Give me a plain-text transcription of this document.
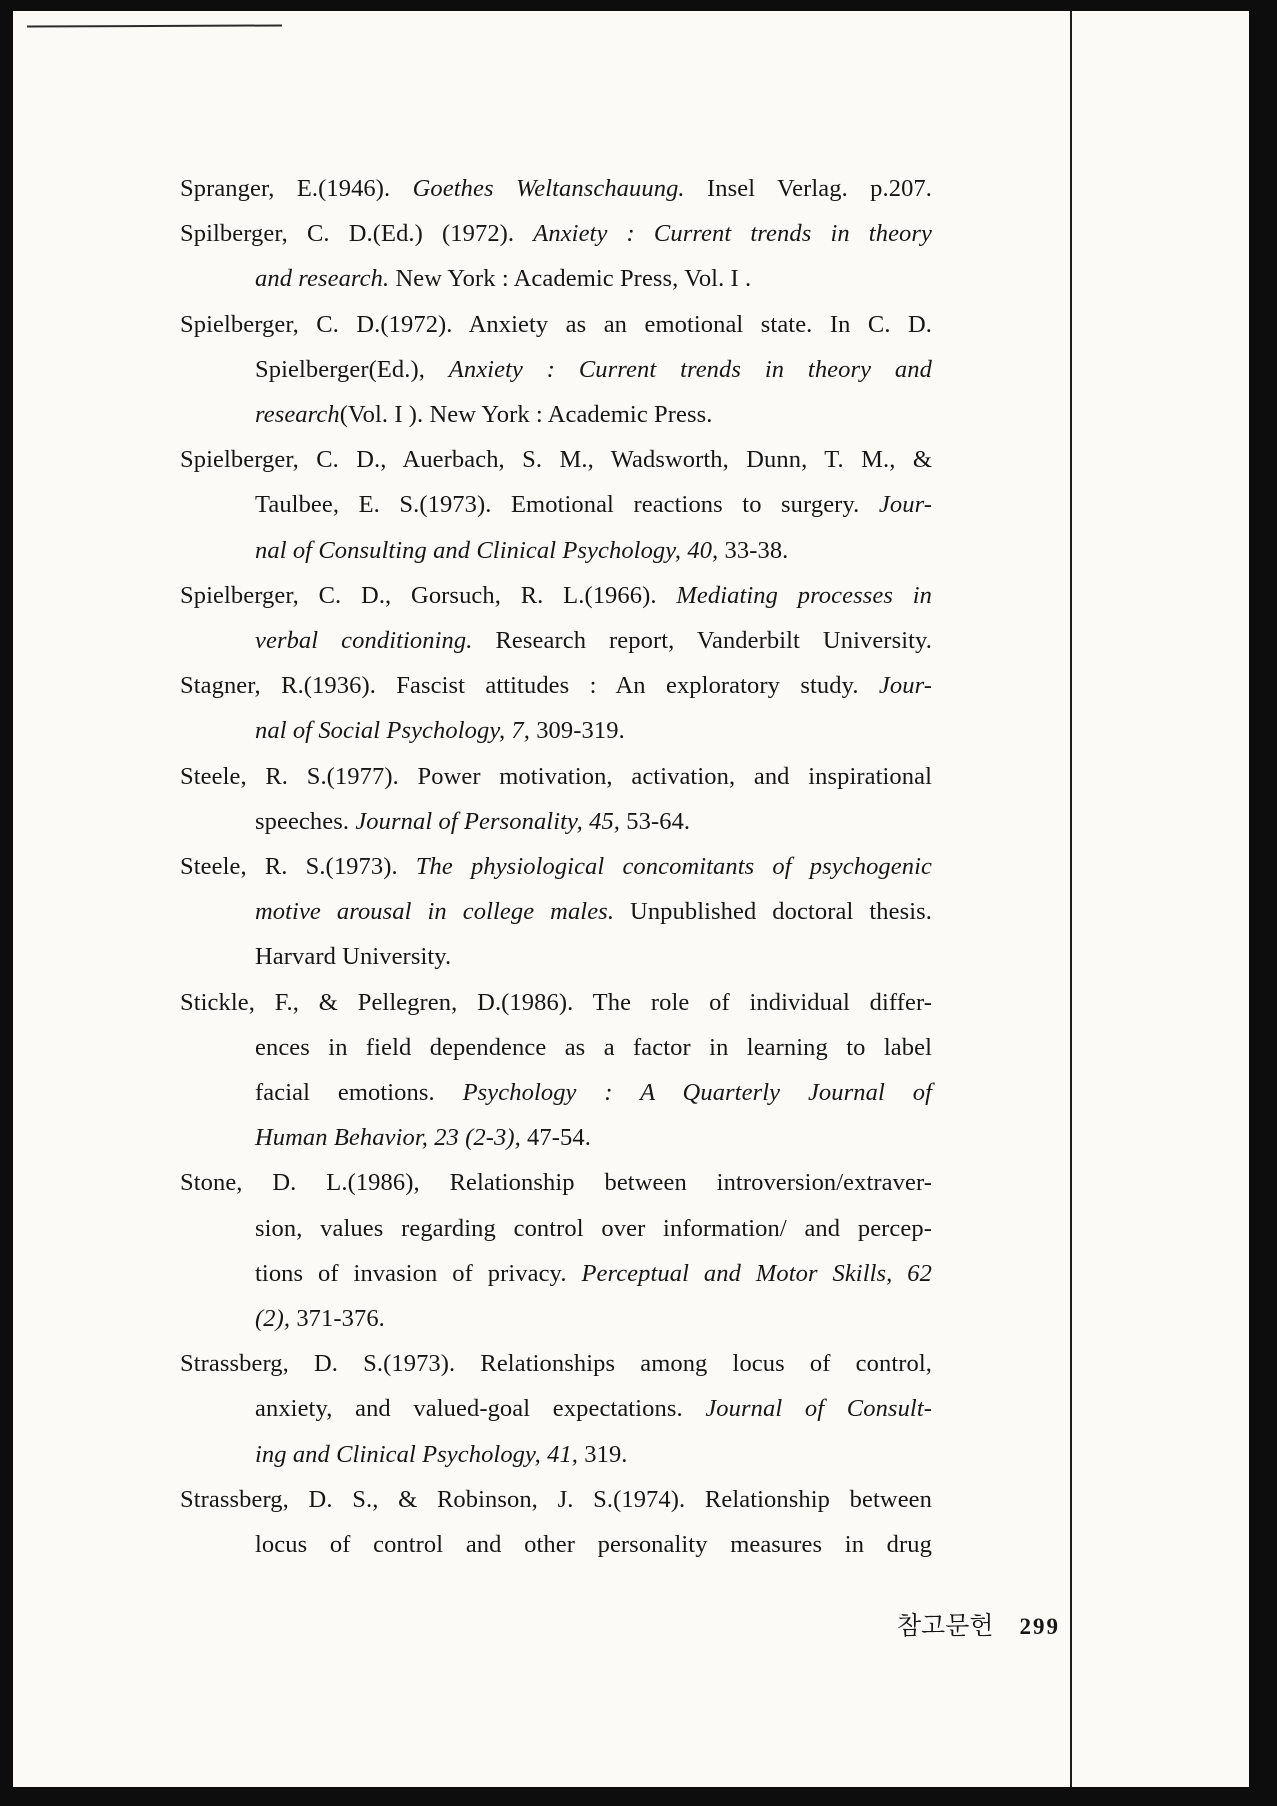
Spranger, E.(1946). Goethes Weltanschauung. Insel Verlag. p.207.
Spilberger, C. D.(Ed.) (1972). Anxiety : Current trends in theory
and research. New York : Academic Press, Vol. I .
Spielberger, C. D.(1972). Anxiety as an emotional state. In C. D.
Spielberger(Ed.), Anxiety : Current trends in theory and
research(Vol. I ). New York : Academic Press.
Spielberger, C. D., Auerbach, S. M., Wadsworth, Dunn, T. M., &
Taulbee, E. S.(1973). Emotional reactions to surgery. Jour-
nal of Consulting and Clinical Psychology, 40, 33-38.
Spielberger, C. D., Gorsuch, R. L.(1966). Mediating processes in
verbal conditioning. Research report, Vanderbilt University.
Stagner, R.(1936). Fascist attitudes : An exploratory study. Jour-
nal of Social Psychology, 7, 309-319.
Steele, R. S.(1977). Power motivation, activation, and inspirational
speeches. Journal of Personality, 45, 53-64.
Steele, R. S.(1973). The physiological concomitants of psychogenic
motive arousal in college males. Unpublished doctoral thesis.
Harvard University.
Stickle, F., & Pellegren, D.(1986). The role of individual differ-
ences in field dependence as a factor in learning to label
facial emotions. Psychology : A Quarterly Journal of
Human Behavior, 23 (2-3), 47-54.
Stone, D. L.(1986), Relationship between introversion/extraver-
sion, values regarding control over information/ and percep-
tions of invasion of privacy. Perceptual and Motor Skills, 62
(2), 371-376.
Strassberg, D. S.(1973). Relationships among locus of control,
anxiety, and valued-goal expectations. Journal of Consult-
ing and Clinical Psychology, 41, 319.
Strassberg, D. S., & Robinson, J. S.(1974). Relationship between
locus of control and other personality measures in drug
참고문헌 299
